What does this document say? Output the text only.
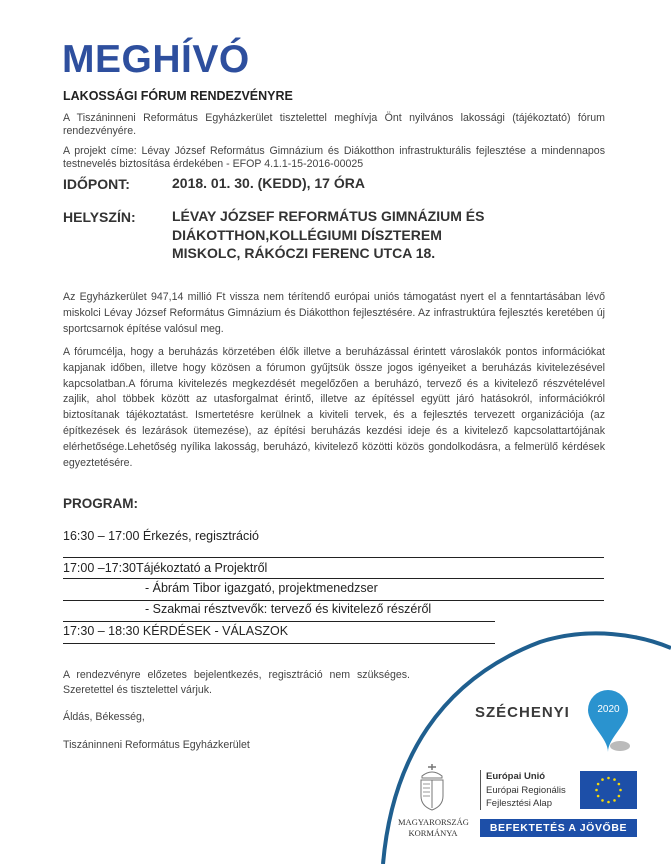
MEGHÍVÓ
LAKOSSÁGI FÓRUM RENDEZVÉNYRE
A Tiszáninneni Református Egyházkerület tisztelettel meghívja Önt nyilvános lakossági (tájékoztató) fórum rendezvényére.
A projekt címe: Lévay József Református Gimnázium és Diákotthon infrastrukturális fejlesztése a mindennapos testnevelés biztosítása érdekében - EFOP 4.1.1-15-2016-00025
IDŐPONT:	2018. 01. 30. (KEDD), 17 ÓRA
HELYSZÍN:	LÉVAY JÓZSEF REFORMÁTUS GIMNÁZIUM ÉS
DIÁKOTTHON,KOLLÉGIUMI DÍSZTEREM
MISKOLC, RÁKÓCZI FERENC UTCA 18.
Az Egyházkerület 947,14 millió Ft vissza nem térítendő európai uniós támogatást nyert el a fenntartásában lévő miskolci Lévay József Református Gimnázium és Diákotthon fejlesztésére. Az infrastruktúra fejlesztés keretében új sportcsarnok építése valósul meg.
A fórumcélja, hogy a beruházás körzetében élők illetve a beruházással érintett városlakók pontos információkat kapjanak időben, illetve hogy közösen a fórumon gyűjtsük össze jogos igényeiket a beruházás kivitelezésével kapcsolatban.A fóruma kivitelezés megkezdését megelőzően a beruházó, tervező és a kivitelező részvételével zajlik, ahol többek között az utasforgalmat érintő, illetve az építéssel együtt járó hatásokról, információkról biztosítanak tájékoztatást. Ismertetésre kerülnek a kiviteli tervek, és a fejlesztés tervezett organizációja (az építkezések és lezárások ütemezése), az építési beruházás kezdési ideje és a kivitelező kapcsolattartójának elérhetősége.Lehetőség nyílika lakosság, beruházó, kivitelező közötti közös gondolkodásra, a felmerülő kérdések egyeztetésére.
PROGRAM:
16:30 – 17:00 Érkezés, regisztráció
17:00 –17:30Tájékoztató a Projektről
- Ábrám Tibor igazgató, projektmenedzser
- Szakmai résztvevők: tervező és kivitelező részéről
17:30 – 18:30 KÉRDÉSEK - VÁLASZOK
A rendezvényre előzetes bejelentkezés, regisztráció nem szükséges. Szeretettel és tisztelettel várjuk.
Áldás, Békesség,
Tiszáninneni Református Egyházkerület
SZÉCHENYI	2020
MAGYARORSZÁG
KORMÁNYA
Európai Unió
Európai Regionális
Fejlesztési Alap
BEFEKTETÉS A JÖVŐBE
